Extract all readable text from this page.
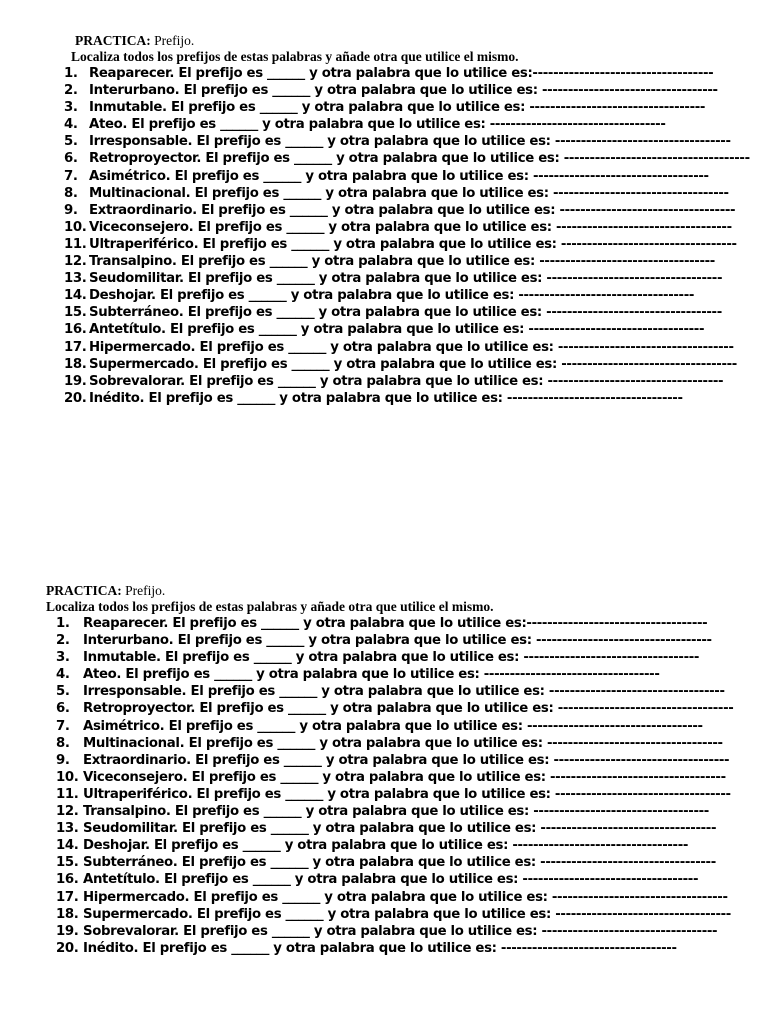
PRACTICA: Prefijo.
Localiza todos los prefijos de estas palabras y añade otra que utilice el mismo.
1. Reaparecer. El prefijo es ______ y otra palabra que lo utilice es:-----------------------------------
2. Interurbano. El prefijo es ______ y otra palabra que lo utilice es: ----------------------------------
3. Inmutable. El prefijo es ______ y otra palabra que lo utilice es: ----------------------------------
4. Ateo. El prefijo es ______ y otra palabra que lo utilice es: ----------------------------------
5. Irresponsable. El prefijo es ______ y otra palabra que lo utilice es: ----------------------------------
6. Retroproyector. El prefijo es ______ y otra palabra que lo utilice es: ------------------------------------
7. Asimétrico. El prefijo es ______ y otra palabra que lo utilice es: ----------------------------------
8. Multinacional. El prefijo es ______ y otra palabra que lo utilice es: ----------------------------------
9. Extraordinario. El prefijo es ______ y otra palabra que lo utilice es: ----------------------------------
10. Viceconsejero. El prefijo es ______ y otra palabra que lo utilice es: ----------------------------------
11. Ultraperiférico. El prefijo es ______ y otra palabra que lo utilice es: ----------------------------------
12. Transalpino. El prefijo es ______ y otra palabra que lo utilice es: ----------------------------------
13. Seudomilitar. El prefijo es ______ y otra palabra que lo utilice es: ----------------------------------
14. Deshojar. El prefijo es ______ y otra palabra que lo utilice es: ----------------------------------
15. Subterráneo. El prefijo es ______ y otra palabra que lo utilice es: ----------------------------------
16. Antetítulo. El prefijo es ______ y otra palabra que lo utilice es: ----------------------------------
17. Hipermercado. El prefijo es ______ y otra palabra que lo utilice es: ----------------------------------
18. Supermercado. El prefijo es ______ y otra palabra que lo utilice es: ----------------------------------
19. Sobrevalorar. El prefijo es ______ y otra palabra que lo utilice es: ----------------------------------
20. Inédito. El prefijo es ______ y otra palabra que lo utilice es: ----------------------------------
PRACTICA: Prefijo.
Localiza todos los prefijos de estas palabras y añade otra que utilice el mismo.
1.	Reaparecer. El prefijo es ______ y otra palabra que lo utilice es:-----------------------------------
2.	Interurbano. El prefijo es ______ y otra palabra que lo utilice es: ----------------------------------
3.	Inmutable. El prefijo es ______ y otra palabra que lo utilice es: ----------------------------------
4.	Ateo. El prefijo es ______ y otra palabra que lo utilice es: ----------------------------------
5.	Irresponsable. El prefijo es ______ y otra palabra que lo utilice es: ----------------------------------
6.	Retroproyector. El prefijo es ______ y otra palabra que lo utilice es: ----------------------------------
7.	Asimétrico. El prefijo es ______ y otra palabra que lo utilice es: ----------------------------------
8.	Multinacional. El prefijo es ______ y otra palabra que lo utilice es: ----------------------------------
9.	Extraordinario. El prefijo es ______ y otra palabra que lo utilice es: ----------------------------------
10. Viceconsejero. El prefijo es ______ y otra palabra que lo utilice es: ----------------------------------
11. Ultraperiférico. El prefijo es ______ y otra palabra que lo utilice es: ----------------------------------
12. Transalpino. El prefijo es ______ y otra palabra que lo utilice es: ----------------------------------
13. Seudomilitar. El prefijo es ______ y otra palabra que lo utilice es: ----------------------------------
14. Deshojar. El prefijo es ______ y otra palabra que lo utilice es: ----------------------------------
15. Subterráneo. El prefijo es ______ y otra palabra que lo utilice es: ----------------------------------
16. Antetítulo. El prefijo es ______ y otra palabra que lo utilice es: ----------------------------------
17. Hipermercado. El prefijo es ______ y otra palabra que lo utilice es: ----------------------------------
18. Supermercado. El prefijo es ______ y otra palabra que lo utilice es: ----------------------------------
19. Sobrevalorar. El prefijo es ______ y otra palabra que lo utilice es: ----------------------------------
20. Inédito. El prefijo es ______ y otra palabra que lo utilice es: ----------------------------------
